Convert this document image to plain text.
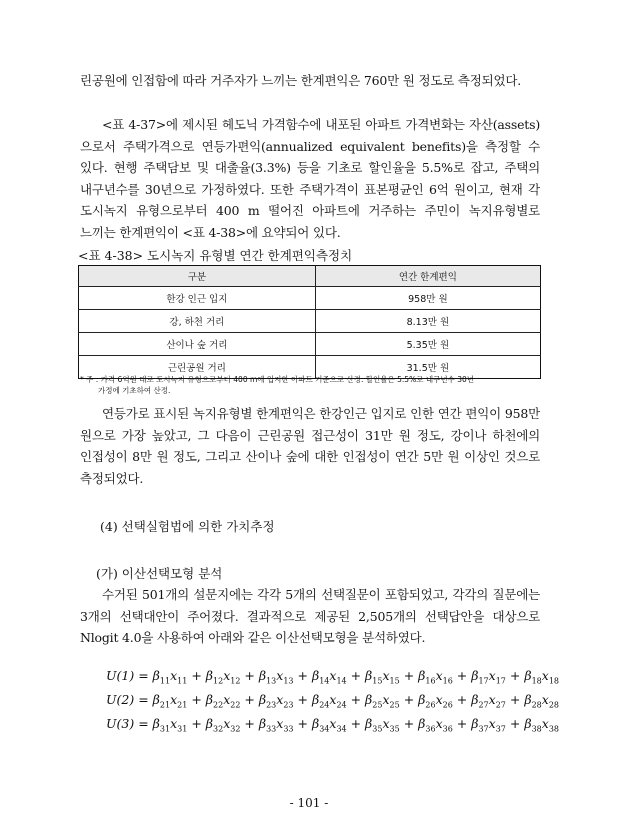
린공원에 인접함에 따라 거주자가 느끼는 한계편익은 760만 원 정도로 측정되었다.

<표 4-37>에 제시된 헤도닉 가격함수에 내포된 아파트 가격변화는 자산(assets)으로서 주택가격으로 연등가편익(annualized equivalent benefits)을 측정할 수 있다. 현행 주택담보 및 대출율(3.3%) 등을 기초로 할인율을 5.5%로 잡고, 주택의 내구년수를 30년으로 가정하였다. 또한 주택가격이 표본평균인 6억 원이고, 현재 각 도시녹지 유형으로부터 400 m 떨어진 아파트에 거주하는 주민이 녹지유형별로 느끼는 한계편익이 <표 4-38>에 요약되어 있다.

<표 4-38> 도시녹지 유형별 연간 한계편익측정치

구분	연간 한계편익
한강 인근 입지	958만 원
강, 하천 거리	8.13만 원
산이나 숲 거리	5.35만 원
근린공원 거리	31.5만 원
* 주 : 가격 6억원 대로 도시녹지 유형으로부터 400 m에 입지한 아파트 기준으로 산정. 할인율은 5.5%로 내구년수 30년
가정에 기초하여 산정.

연등가로 표시된 녹지유형별 한계편익은 한강인근 입지로 인한 연간 편익이 958만 원으로 가장 높았고, 그 다음이 근린공원 접근성이 31만 원 정도, 강이나 하천에의 인접성이 8만 원 정도, 그리고 산이나 숲에 대한 인접성이 연간 5만 원 이상인 것으로 측정되었다.

(4) 선택실험법에 의한 가치추정

(가) 이산선택모형 분석

수거된 501개의 설문지에는 각각 5개의 선택질문이 포함되었고, 각각의 질문에는 3개의 선택대안이 주어졌다. 결과적으로 제공된 2,505개의 선택답안을 대상으로 Nlogit 4.0을 사용하여 아래와 같은 이산선택모형을 분석하였다.

$U(1) = \beta_{11}x_{11} + \beta_{12}x_{12} + \beta_{13}x_{13} + \beta_{14}x_{14} + \beta_{15}x_{15} + \beta_{16}x_{16} + \beta_{17}x_{17} + \beta_{18}x_{18}$
$U(2) = \beta_{21}x_{21} + \beta_{22}x_{22} + \beta_{23}x_{23} + \beta_{24}x_{24} + \beta_{25}x_{25} + \beta_{26}x_{26} + \beta_{27}x_{27} + \beta_{28}x_{28}$
$U(3) = \beta_{31}x_{31} + \beta_{32}x_{32} + \beta_{33}x_{33} + \beta_{34}x_{34} + \beta_{35}x_{35} + \beta_{36}x_{36} + \beta_{37}x_{37} + \beta_{38}x_{38}$
- 101 -
